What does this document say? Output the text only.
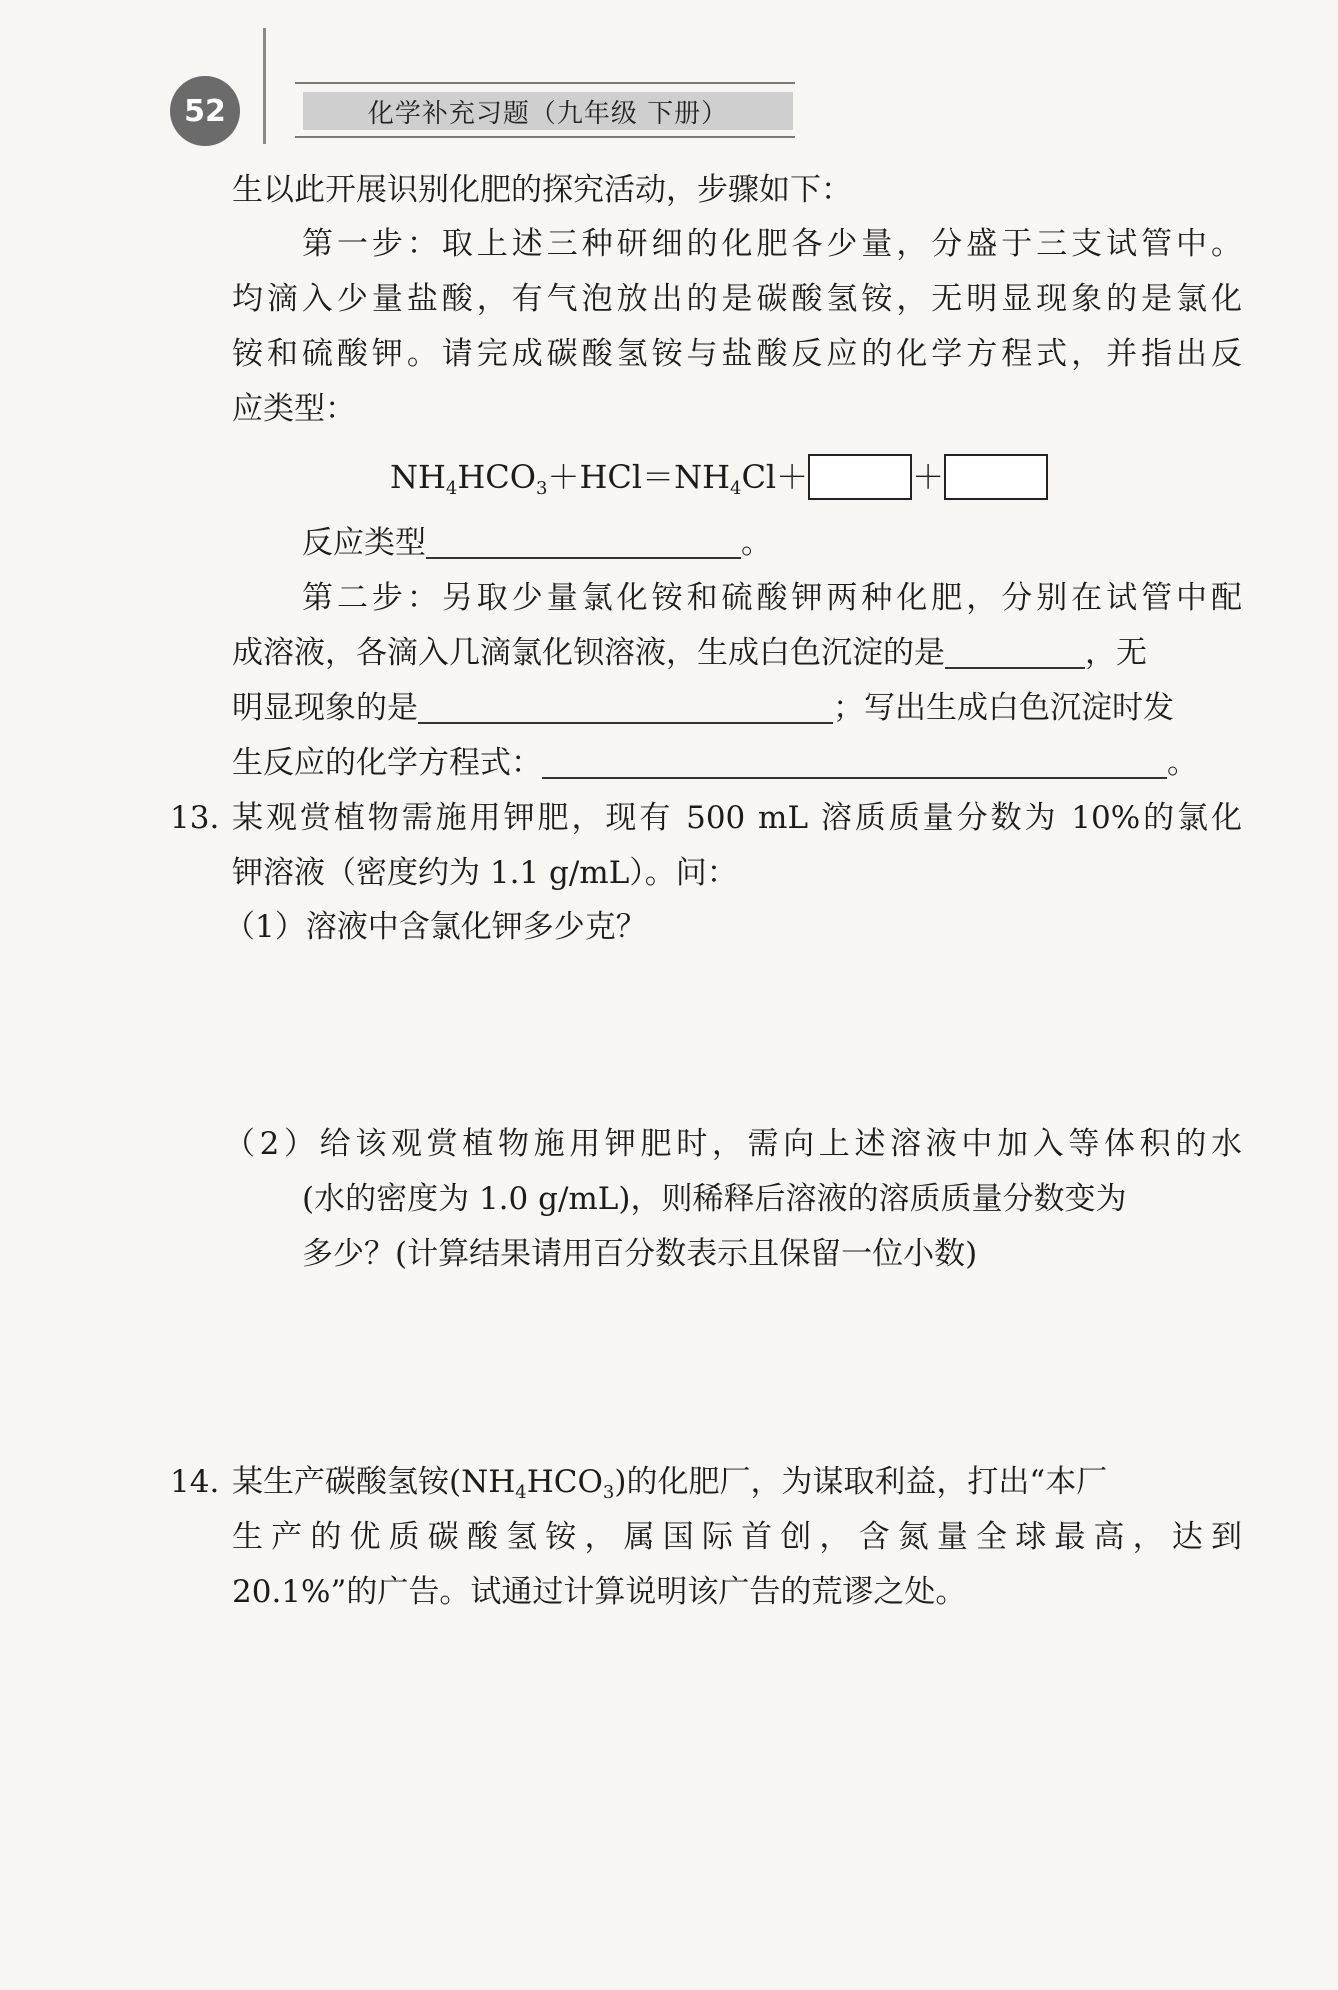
52	化学补充习题（九年级 下册）
生以此开展识别化肥的探究活动，步骤如下：
第一步：取上述三种研细的化肥各少量，分盛于三支试管中。
均滴入少量盐酸，有气泡放出的是碳酸氢铵，无明显现象的是氯化
铵和硫酸钾。请完成碳酸氢铵与盐酸反应的化学方程式，并指出反
应类型：
$NH_4HCO_3+HCl=NH_4Cl+$	＋
反应类型	。
第二步：另取少量氯化铵和硫酸钾两种化肥，分别在试管中配
成溶液，各滴入几滴氯化钡溶液，生成白色沉淀的是	，无
明显现象的是	；写出生成白色沉淀时发
生反应的化学方程式：	。
13. 某观赏植物需施用钾肥，现有 500 mL 溶质质量分数为 10%的氯化
钾溶液（密度约为 1.1 g/mL）。问：
（1）溶液中含氯化钾多少克？
（2）给该观赏植物施用钾肥时，需向上述溶液中加入等体积的水
(水的密度为 1.0 g/mL)，则稀释后溶液的溶质质量分数变为
多少？(计算结果请用百分数表示且保留一位小数)
14. 某生产碳酸氢铵$(NH_4HCO_3)$的化肥厂，为谋取利益，打出“本厂
生产的优质碳酸氢铵，属国际首创，含氮量全球最高，达到
20.1%”的广告。试通过计算说明该广告的荒谬之处。
